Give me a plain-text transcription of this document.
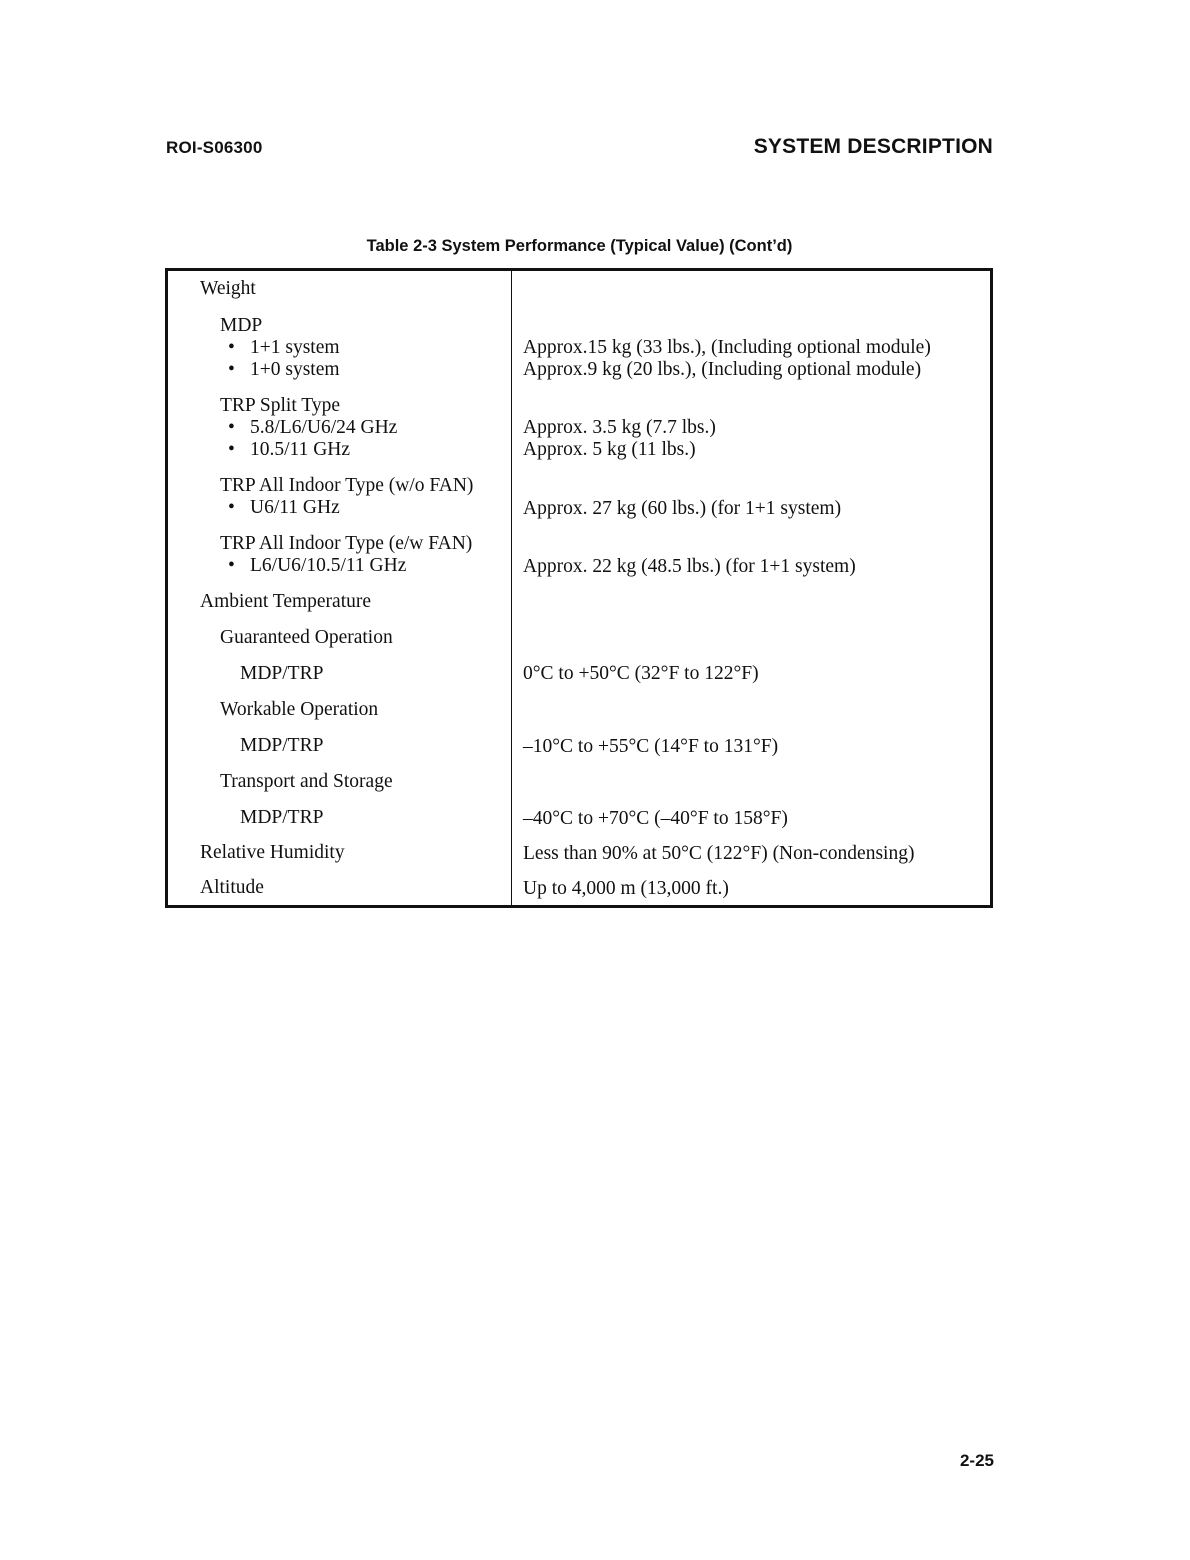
ROI-S06300	SYSTEM DESCRIPTION
Table 2-3 System Performance (Typical Value) (Cont’d)
Weight
MDP
• 1+1 system	Approx.15 kg (33 lbs.), (Including optional module)
• 1+0 system	Approx.9 kg (20 lbs.), (Including optional module)
TRP Split Type
• 5.8/L6/U6/24 GHz	Approx. 3.5 kg (7.7 lbs.)
• 10.5/11 GHz	Approx. 5 kg (11 lbs.)
TRP All Indoor Type (w/o FAN)
• U6/11 GHz	Approx. 27 kg (60 lbs.) (for 1+1 system)
TRP All Indoor Type (e/w FAN)
• L6/U6/10.5/11 GHz	Approx. 22 kg (48.5 lbs.) (for 1+1 system)
Ambient Temperature
Guaranteed Operation
MDP/TRP	0°C to +50°C (32°F to 122°F)
Workable Operation
MDP/TRP	–10°C to +55°C (14°F to 131°F)
Transport and Storage
MDP/TRP	–40°C to +70°C (–40°F to 158°F)
Relative Humidity	Less than 90% at 50°C (122°F) (Non-condensing)
Altitude	Up to 4,000 m (13,000 ft.)
2-25
